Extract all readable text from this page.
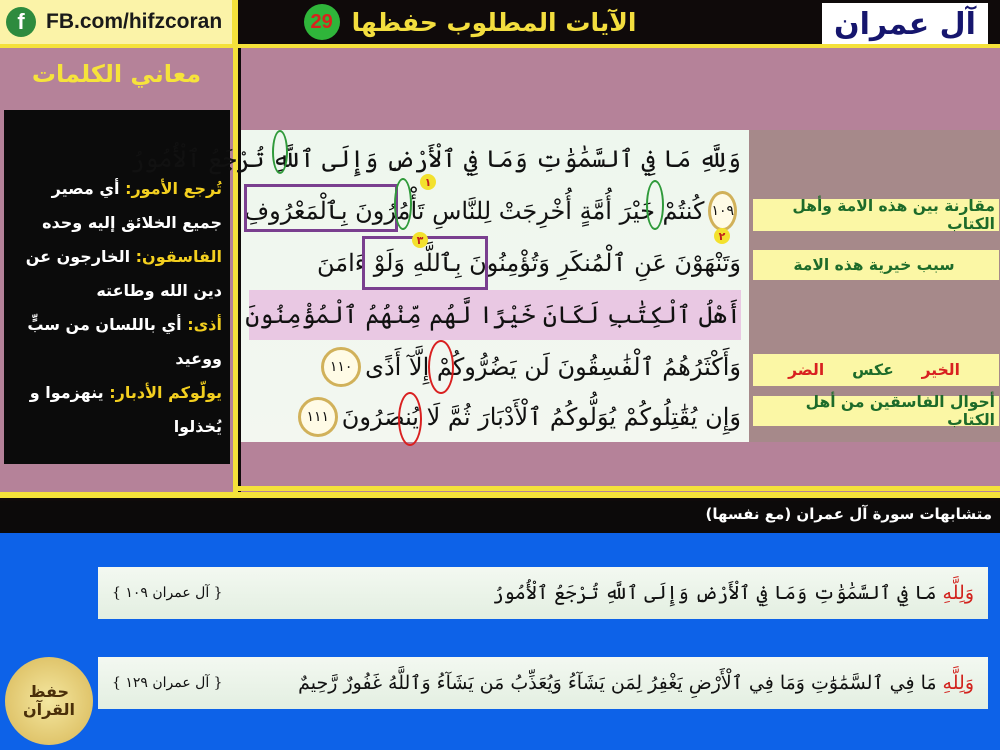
f	FB.com/hifzcoran	الآيات المطلوب حفظها
29	آل عمران
معاني الكلمات
تُرجع الأمور: أي مصير جميع الخلائق إليه وحده
الفاسقون: الخارجون عن دين الله وطاعته
أذى: أي باللسان من سبٍّ ووعيد
يولّوكم الأدبار: ينهزموا و يُخذلوا
وَلِلَّهِ مَا فِي ٱلسَّمَٰوَٰتِ وَمَا فِي ٱلْأَرْضِ وَإِلَى ٱللَّهِ تُرْجَعُ ٱلْأُمُورُ
١٠٩
كُنتُمْ خَيْرَ أُمَّةٍ أُخْرِجَتْ لِلنَّاسِ تَأْمُرُونَ بِٱلْمَعْرُوفِ
وَتَنْهَوْنَ عَنِ ٱلْمُنكَرِ وَتُؤْمِنُونَ بِٱللَّهِ وَلَوْ ءَامَنَ
أَهْلُ ٱلْكِتَٰبِ لَكَانَ خَيْرًا لَّهُم مِّنْهُمُ ٱلْمُؤْمِنُونَ
وَأَكْثَرُهُمُ ٱلْفَٰسِقُونَ لَن يَضُرُّوكُمْ إِلَّآ أَذًى
١١٠
وَإِن يُقَٰتِلُوكُمْ يُوَلُّوكُمُ ٱلْأَدْبَارَ ثُمَّ لَا يُنصَرُونَ
١١١
١
٢
٣
مقارنة بين هذه الامة وأهل الكتاب
سبب خيرية هذه الامة
الخير
عكس
الضر
أحوال الفاسقين من أهل الكتاب
متشابهات سورة آل عمران (مع نفسها)
وَلِلَّهِ
مَا فِي ٱلسَّمَٰوَٰتِ وَمَا فِي ٱلْأَرْضِ وَإِلَى ٱللَّهِ تُرْجَعُ ٱلْأُمُورُ
{ آل عمران ١٠٩ }
وَلِلَّهِ
مَا فِي ٱلسَّمَٰوَٰتِ وَمَا فِي ٱلْأَرْضِ يَغْفِرُ لِمَن يَشَآءُ وَيُعَذِّبُ مَن يَشَآءُ وَٱللَّهُ غَفُورٌ رَّحِيمٌ
{ آل عمران ١٢٩ }
حفظ
القرآن
